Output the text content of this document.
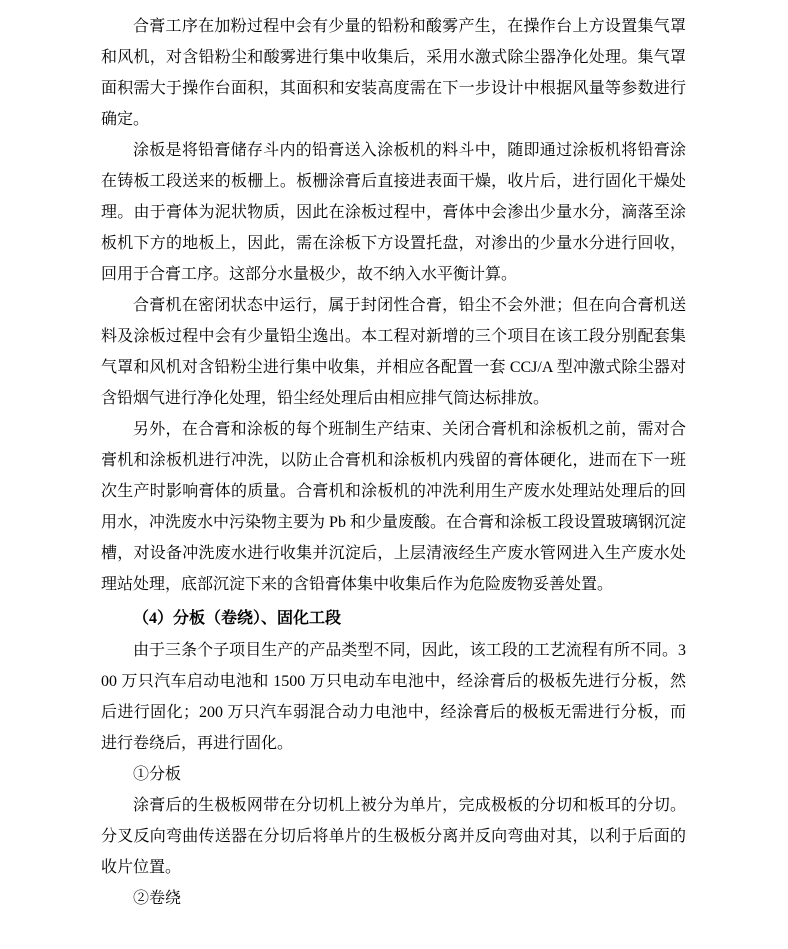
合膏工序在加粉过程中会有少量的铅粉和酸雾产生，在操作台上方设置集气罩和风机，对含铅粉尘和酸雾进行集中收集后，采用水激式除尘器净化处理。集气罩面积需大于操作台面积，其面积和安装高度需在下一步设计中根据风量等参数进行确定。

涂板是将铅膏储存斗内的铅膏送入涂板机的料斗中，随即通过涂板机将铅膏涂在铸板工段送来的板栅上。板栅涂膏后直接进表面干燥，收片后，进行固化干燥处理。由于膏体为泥状物质，因此在涂板过程中，膏体中会渗出少量水分，滴落至涂板机下方的地板上，因此，需在涂板下方设置托盘，对渗出的少量水分进行回收，回用于合膏工序。这部分水量极少，故不纳入水平衡计算。

合膏机在密闭状态中运行，属于封闭性合膏，铅尘不会外泄；但在向合膏机送料及涂板过程中会有少量铅尘逸出。本工程对新增的三个项目在该工段分别配套集气罩和风机对含铅粉尘进行集中收集，并相应各配置一套 CCJ/A 型冲激式除尘器对含铅烟气进行净化处理，铅尘经处理后由相应排气筒达标排放。

另外，在合膏和涂板的每个班制生产结束、关闭合膏机和涂板机之前，需对合膏机和涂板机进行冲洗，以防止合膏机和涂板机内残留的膏体硬化，进而在下一班次生产时影响膏体的质量。合膏机和涂板机的冲洗利用生产废水处理站处理后的回用水，冲洗废水中污染物主要为 Pb 和少量废酸。在合膏和涂板工段设置玻璃钢沉淀槽，对设备冲洗废水进行收集并沉淀后，上层清液经生产废水管网进入生产废水处理站处理，底部沉淀下来的含铅膏体集中收集后作为危险废物妥善处置。

（4）分板（卷绕）、固化工段

由于三条个子项目生产的产品类型不同，因此，该工段的工艺流程有所不同。300 万只汽车启动电池和 1500 万只电动车电池中，经涂膏后的极板先进行分板，然后进行固化；200 万只汽车弱混合动力电池中，经涂膏后的极板无需进行分板，而进行卷绕后，再进行固化。

①分板

涂膏后的生极板网带在分切机上被分为单片，完成极板的分切和板耳的分切。分叉反向弯曲传送器在分切后将单片的生极板分离并反向弯曲对其，以利于后面的收片位置。

②卷绕
